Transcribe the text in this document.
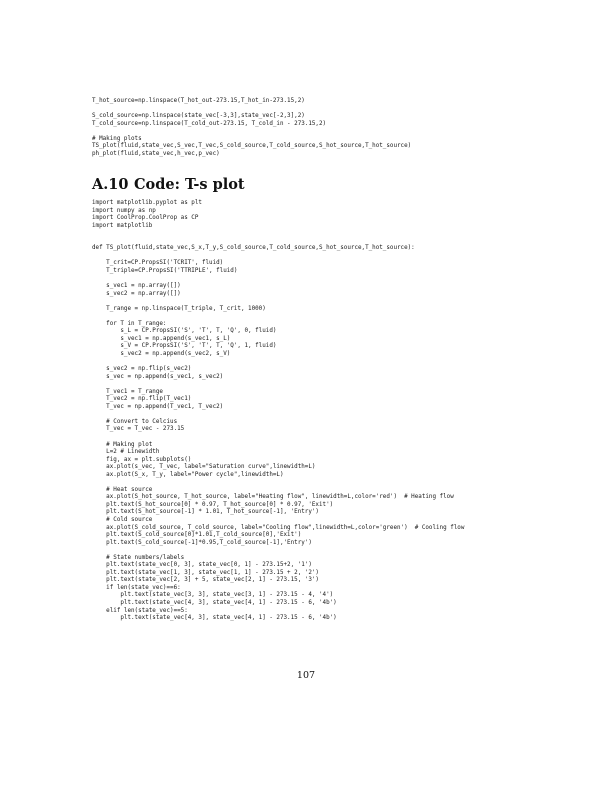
T_hot_source=np.linspace(T_hot_out-273.15,T_hot_in-273.15,2)
S_cold_source=np.linspace(state_vec[-3,3],state_vec[-2,3],2)
T_cold_source=np.linspace(T_cold_out-273.15, T_cold_in - 273.15,2)
# Making plots
TS_plot(fluid,state_vec,S_vec,T_vec,S_cold_source,T_cold_source,S_hot_source,T_hot_source)
ph_plot(fluid,state_vec,h_vec,p_vec)
A.10 Code: T-s plot
import matplotlib.pyplot as plt
import numpy as np
import CoolProp.CoolProp as CP
import matplotlib
def TS_plot(fluid,state_vec,S_x,T_y,S_cold_source,T_cold_source,S_hot_source,T_hot_source):
T_crit=CP.PropsSI('TCRIT', fluid)
T_triple=CP.PropsSI('TTRIPLE', fluid)
s_vec1 = np.array([])
s_vec2 = np.array([])
T_range = np.linspace(T_triple, T_crit, 1000)
for T in T_range:
s_L = CP.PropsSI('S', 'T', T, 'Q', 0, fluid)
s_vec1 = np.append(s_vec1, s_L)
s_V = CP.PropsSI('S', 'T', T, 'Q', 1, fluid)
s_vec2 = np.append(s_vec2, s_V)
s_vec2 = np.flip(s_vec2)
s_vec = np.append(s_vec1, s_vec2)
T_vec1 = T_range
T_vec2 = np.flip(T_vec1)
T_vec = np.append(T_vec1, T_vec2)
# Convert to Celcius
T_vec = T_vec - 273.15
# Making plot
L=2 # Linewidth
fig, ax = plt.subplots()
ax.plot(s_vec, T_vec, label="Saturation curve",linewidth=L)
ax.plot(S_x, T_y, label="Power cycle",linewidth=L)
# Heat source
ax.plot(S_hot_source, T_hot_source, label="Heating flow", linewidth=L,color='red')  # Heating flow
plt.text(S_hot_source[0] * 0.97, T_hot_source[0] * 0.97, 'Exit')
plt.text(S_hot_source[-1] * 1.01, T_hot_source[-1], 'Entry')
# Cold source
ax.plot(S_cold_source, T_cold_source, label="Cooling flow",linewidth=L,color='green')  # Cooling flow
plt.text(S_cold_source[0]*1.01,T_cold_source[0],'Exit')
plt.text(S_cold_source[-1]*0.95,T_cold_source[-1],'Entry')
# State numbers/labels
plt.text(state_vec[0, 3], state_vec[0, 1] - 273.15+2, '1')
plt.text(state_vec[1, 3], state_vec[1, 1] - 273.15 + 2, '2')
plt.text(state_vec[2, 3] + 5, state_vec[2, 1] - 273.15, '3')
if len(state_vec)==6:
plt.text(state_vec[3, 3], state_vec[3, 1] - 273.15 - 4, '4')
plt.text(state_vec[4, 3], state_vec[4, 1] - 273.15 - 6, '4b')
elif len(state_vec)==5:
plt.text(state_vec[4, 3], state_vec[4, 1] - 273.15 - 6, '4b')
107
